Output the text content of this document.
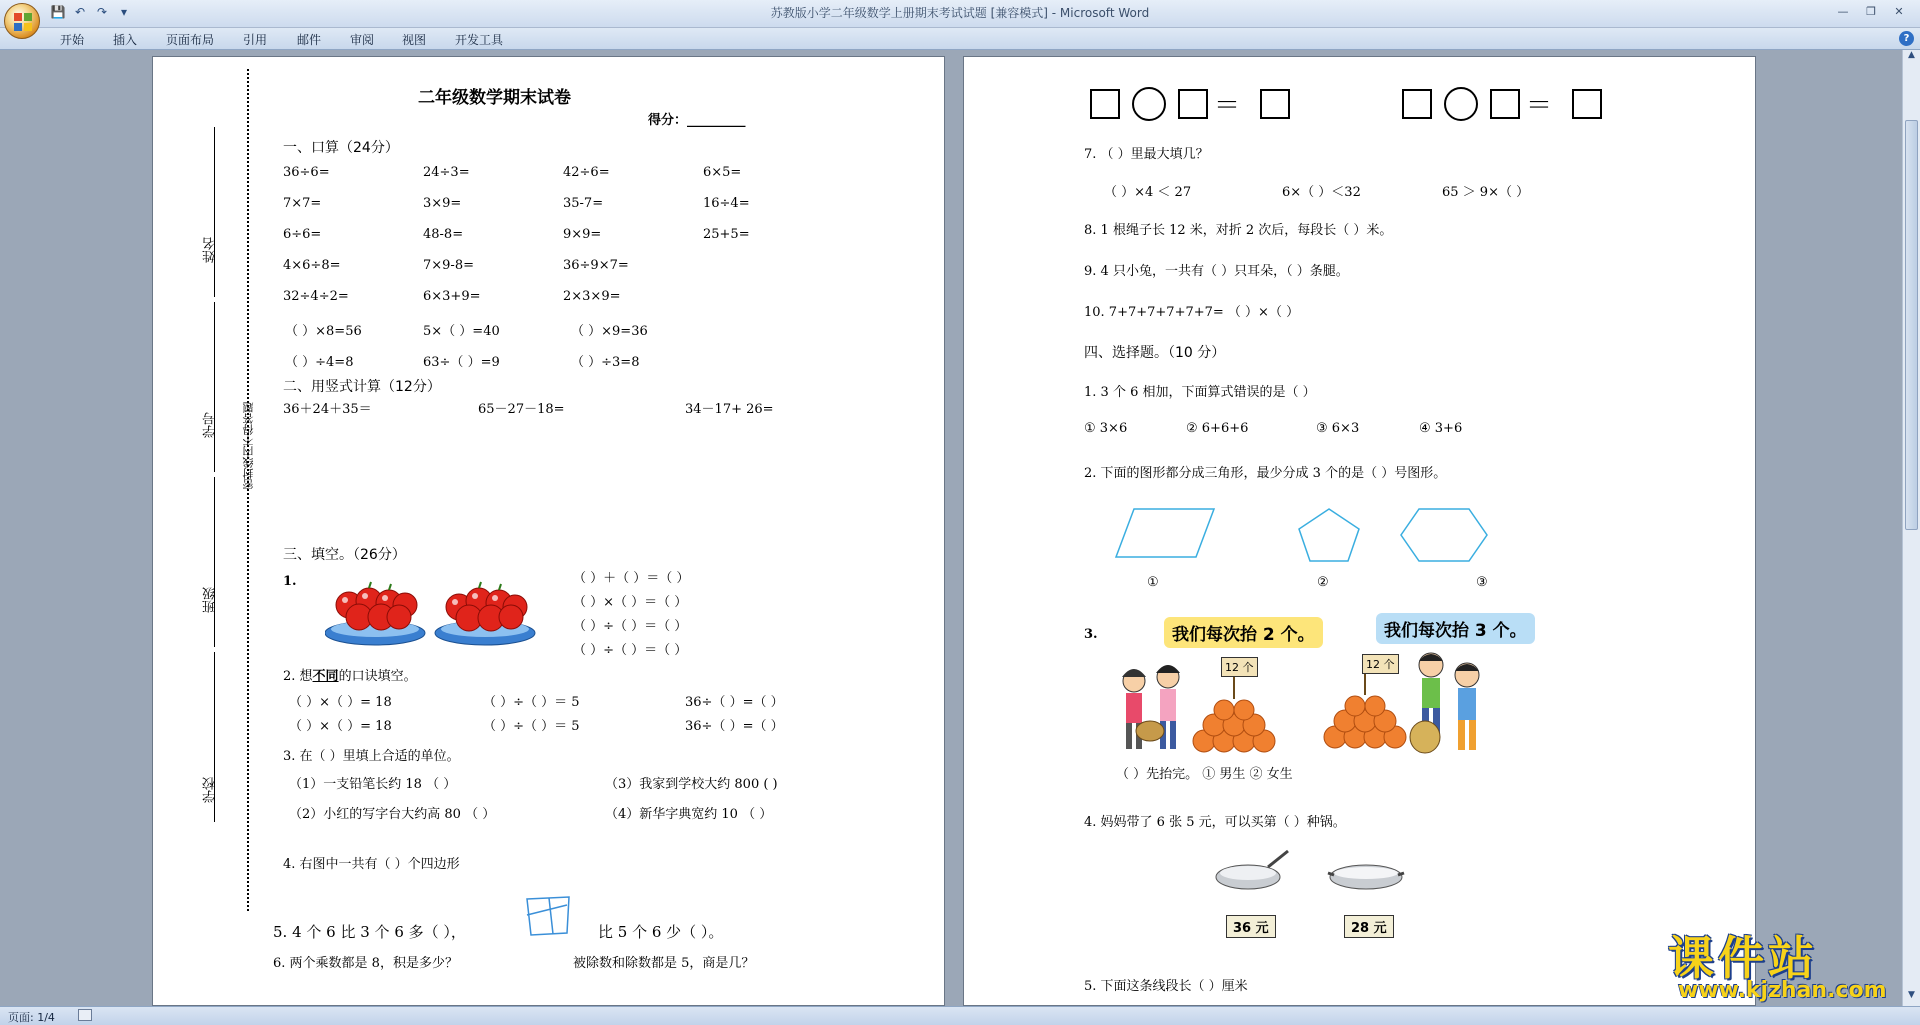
💾 ↶ ↷	▾	苏教版小学二年级数学上册期末考试试题 [兼容模式] - Microsoft Word	—	❐	✕
开始 插入 页面布局 引用 邮件 审阅 视图 开发工具	?
姓名
学号
班级
学校
密封线内不得答题
二年级数学期末试卷
得分：_________
一、口算（24分）
36÷6=	24÷3=	42÷6=	6×5=
7×7=	3×9=	35-7=	16÷4=
6÷6=	48-8=	9×9=	25+5=
4×6÷8=	7×9-8=	36÷9×7=
32÷4÷2=	6×3+9=	2×3×9=
（ ）×8=56	5×（ ）=40	（ ）×9=36
（ ）÷4=8	63÷（ ）=9	（ ）÷3=8
二、用竖式计算（12分）
36＋24＋35＝	65－27－18=	34－17+ 26=
三、填空。（26分）
1.	（ ）＋（ ）＝（ ）
（ ）×（ ）＝（ ）
（ ）÷（ ）＝（ ）
（ ）÷（ ）＝（ ）
2. 想不同的口诀填空。
（ ）×（ ）= 18	（ ）÷（ ）＝ 5	36÷（ ）=（ ）
（ ）×（ ）= 18	（ ）÷（ ）＝ 5	36÷（ ）=（ ）
3. 在（ ）里填上合适的单位。
（1）一支铅笔长约 18 （ ）	（3）我家到学校大约 800 ( )
（2）小红的写字台大约高 80 （ ）	（4）新华字典宽约 10 （ ）
4. 右图中一共有（ ）个四边形
5. 4 个 6 比 3 个 6 多（ ），	比 5 个 6 少（ ）。
6. 两个乘数都是 8，积是多少？	被除数和除数都是 5，商是几？
＝	＝
7. （ ）里最大填几？
（ ）×4 ＜ 27	6×（ ）＜32	65 ＞ 9×（ ）
8. 1 根绳子长 12 米，对折 2 次后，每段长（ ）米。
9. 4 只小兔，一共有（ ）只耳朵，（ ）条腿。
10. 7+7+7+7+7+7= （ ）×（ ）
四、选择题。（10 分）
1. 3 个 6 相加，下面算式错误的是（ ）
① 3×6	② 6+6+6	③ 6×3	④ 3+6
2. 下面的图形都分成三角形，最少分成 3 个的是（ ）号图形。
①	②	③
3.	我们每次抬 2 个。	我们每次抬 3 个。
12 个	12 个
（ ）先抬完。 ① 男生 ② 女生
4. 妈妈带了 6 张 5 元，可以买第（ ）种锅。
36 元	28 元
5. 下面这条线段长（ ）厘米
▲
▼
页面: 1/4
课件站
www.kjzhan.com
